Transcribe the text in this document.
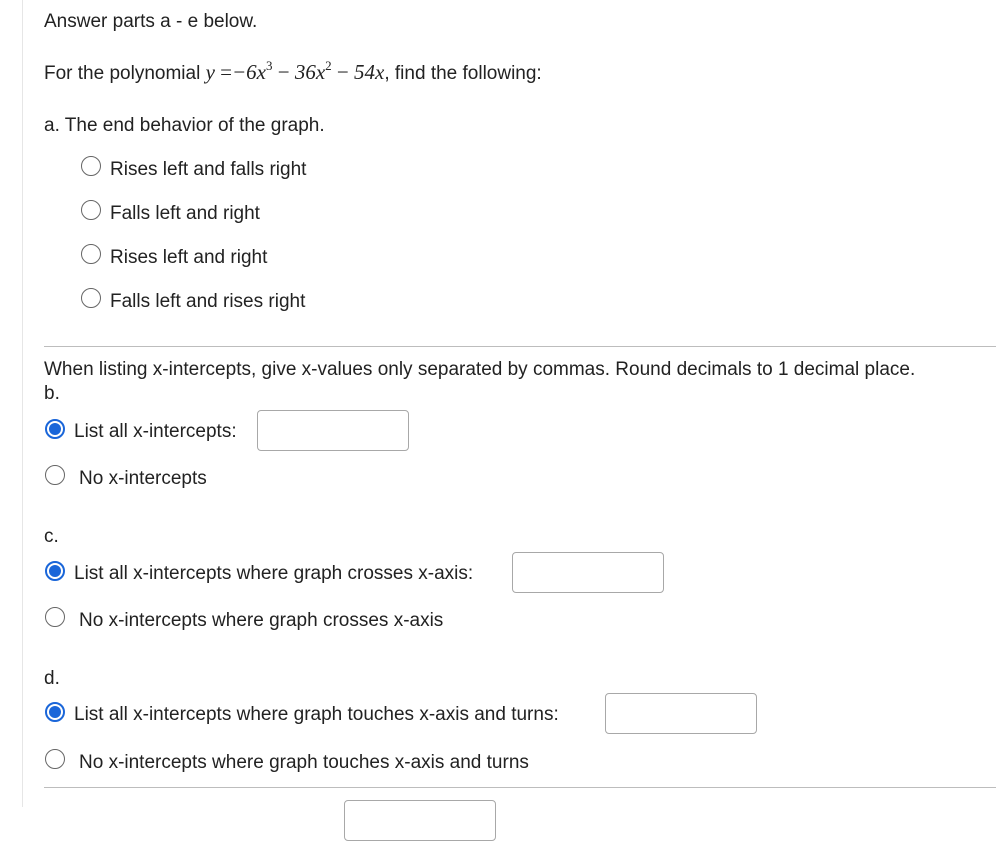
Answer parts a - e below.
For the polynomial $y =-6x^3 - 36x^2 - 54x$, find the following:
a. The end behavior of the graph.
Rises left and falls right
Falls left and right
Rises left and right
Falls left and rises right
When listing x-intercepts, give x-values only separated by commas. Round decimals to 1 decimal place.
b.
List all x-intercepts:
No x-intercepts
c.
List all x-intercepts where graph crosses x-axis:
No x-intercepts where graph crosses x-axis
d.
List all x-intercepts where graph touches x-axis and turns:
No x-intercepts where graph touches x-axis and turns
